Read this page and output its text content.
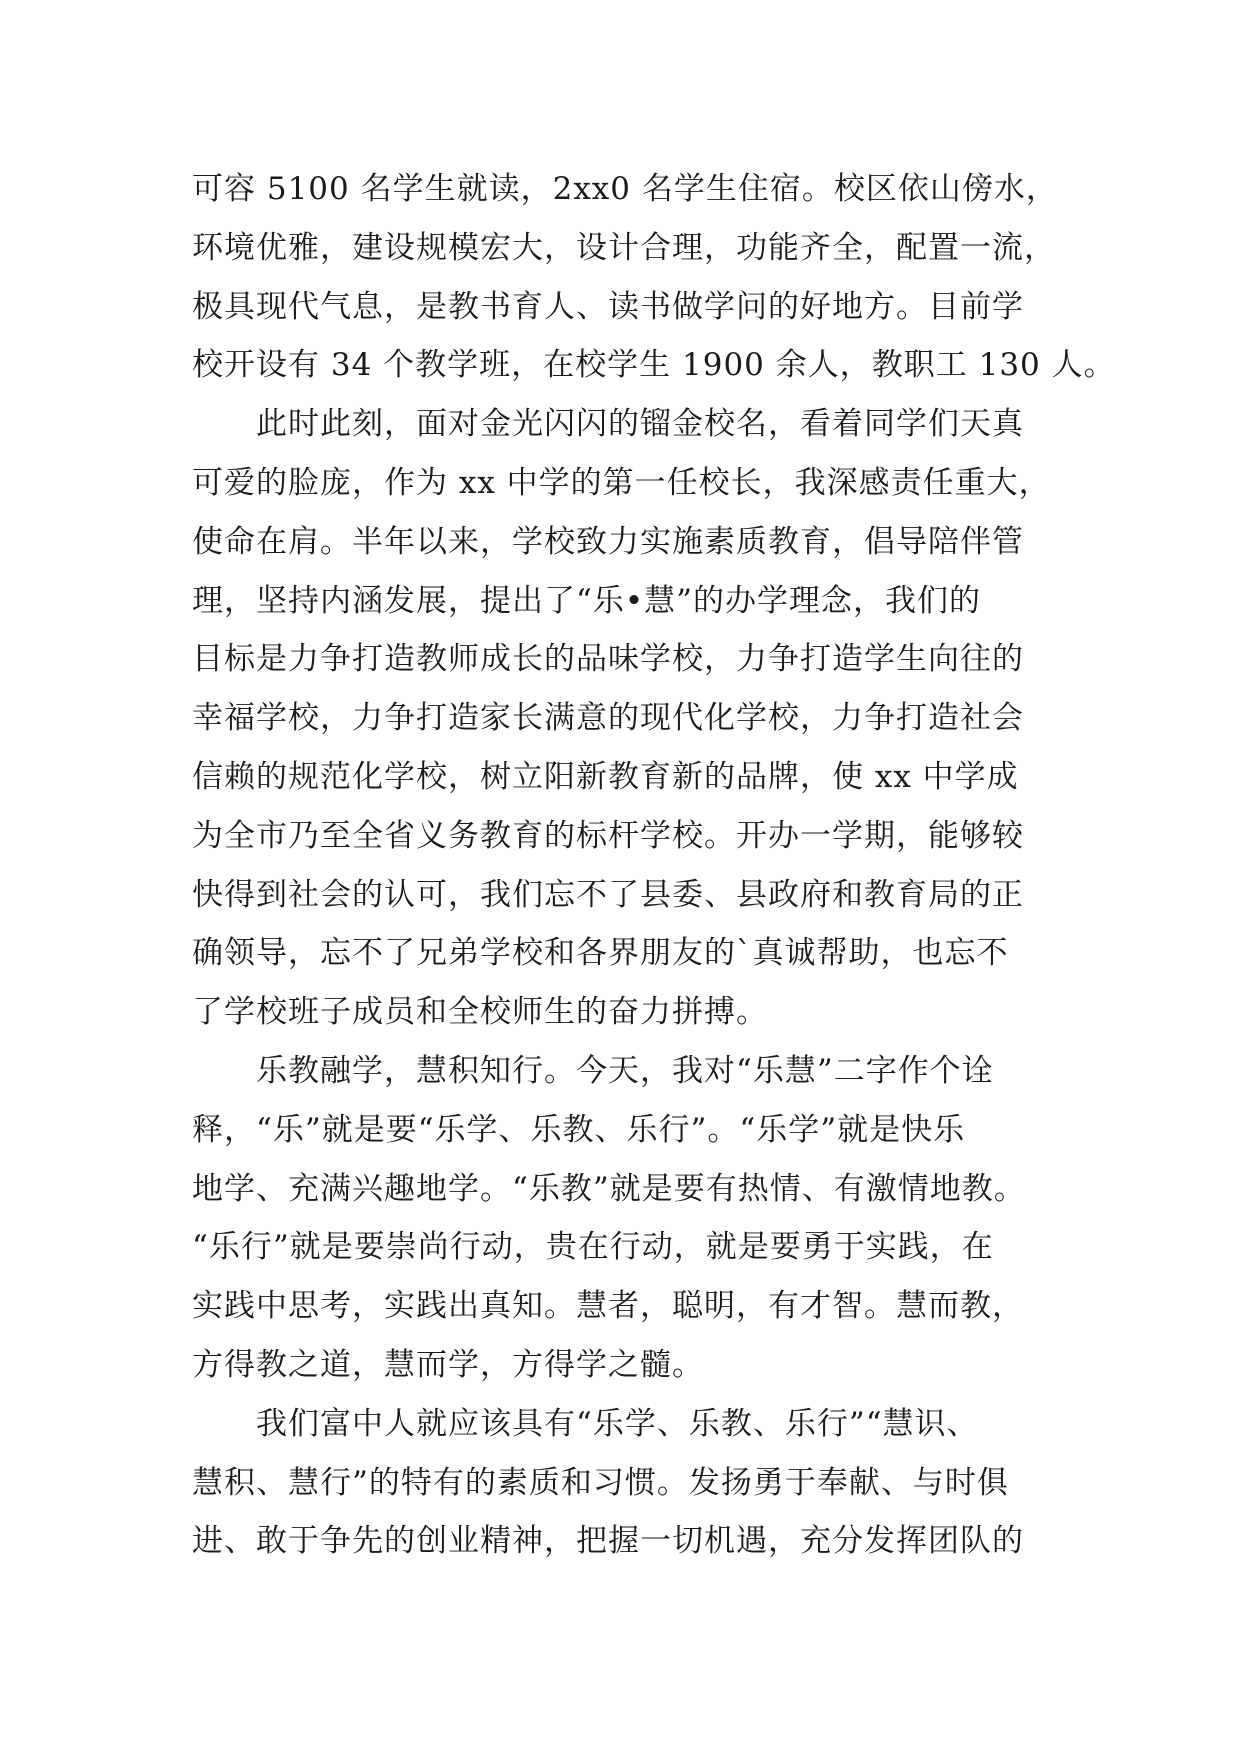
可容 5100 名学生就读，2xx0 名学生住宿。校区依山傍水，
环境优雅，建设规模宏大，设计合理，功能齐全，配置一流，
极具现代气息，是教书育人、读书做学问的好地方。目前学
校开设有 34 个教学班，在校学生 1900 余人，教职工 130 人。
此时此刻，面对金光闪闪的镏金校名，看着同学们天真
可爱的脸庞，作为 xx 中学的第一任校长，我深感责任重大，
使命在肩。半年以来，学校致力实施素质教育，倡导陪伴管
理，坚持内涵发展，提出了“乐•慧”的办学理念，我们的
目标是力争打造教师成长的品味学校，力争打造学生向往的
幸福学校，力争打造家长满意的现代化学校，力争打造社会
信赖的规范化学校，树立阳新教育新的品牌，使 xx 中学成
为全市乃至全省义务教育的标杆学校。开办一学期，能够较
快得到社会的认可，我们忘不了县委、县政府和教育局的正
确领导，忘不了兄弟学校和各界朋友的`真诚帮助，也忘不
了学校班子成员和全校师生的奋力拼搏。
乐教融学，慧积知行。今天，我对“乐慧”二字作个诠
释，“乐”就是要“乐学、乐教、乐行”。“乐学”就是快乐
地学、充满兴趣地学。“乐教”就是要有热情、有激情地教。
“乐行”就是要崇尚行动，贵在行动，就是要勇于实践，在
实践中思考，实践出真知。慧者，聪明，有才智。慧而教，
方得教之道，慧而学，方得学之髓。
我们富中人就应该具有“乐学、乐教、乐行”“慧识、
慧积、慧行”的特有的素质和习惯。发扬勇于奉献、与时俱
进、敢于争先的创业精神，把握一切机遇，充分发挥团队的
